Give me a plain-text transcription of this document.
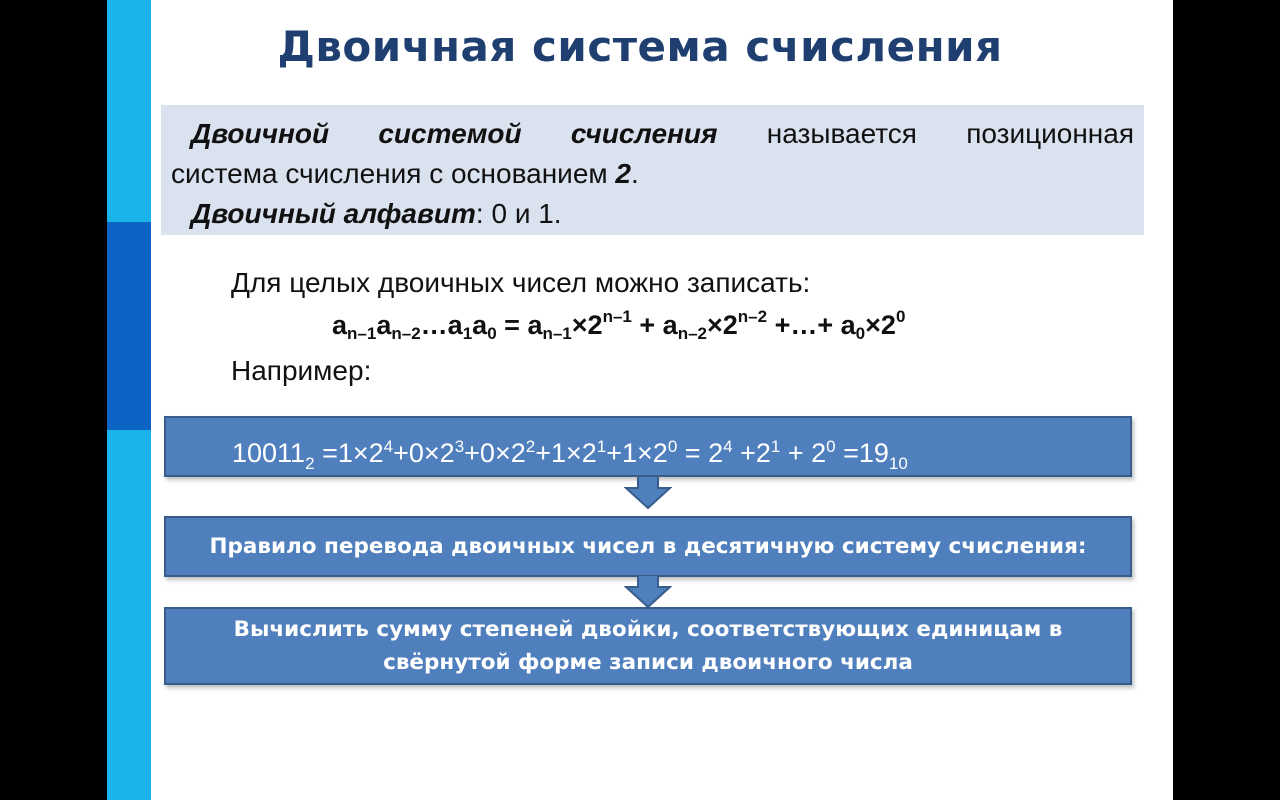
Двоичная система счисления
Двоичной системой счисления называется позиционная
система счисления с основанием 2.
Двоичный алфавит: 0 и 1.
Для целых двоичных чисел можно записать:
$a_{n-1}a_{n-2}\dots a_1a_0 = a_{n-1}\times 2^{n-1} + a_{n-2}\times 2^{n-2}$ +…+ $a_0\times 2^0$
Например:
$10011_2 =1\times 2^4+0\times 2^3+0\times 2^2+1\times 2^1+1\times 2^0 = 2^4 +2^1 + 2^0 =19_{10}$
Правило перевода двоичных чисел в десятичную систему счисления:
Вычислить сумму степеней двойки, соответствующих единицам в
свёрнутой форме записи двоичного числа
